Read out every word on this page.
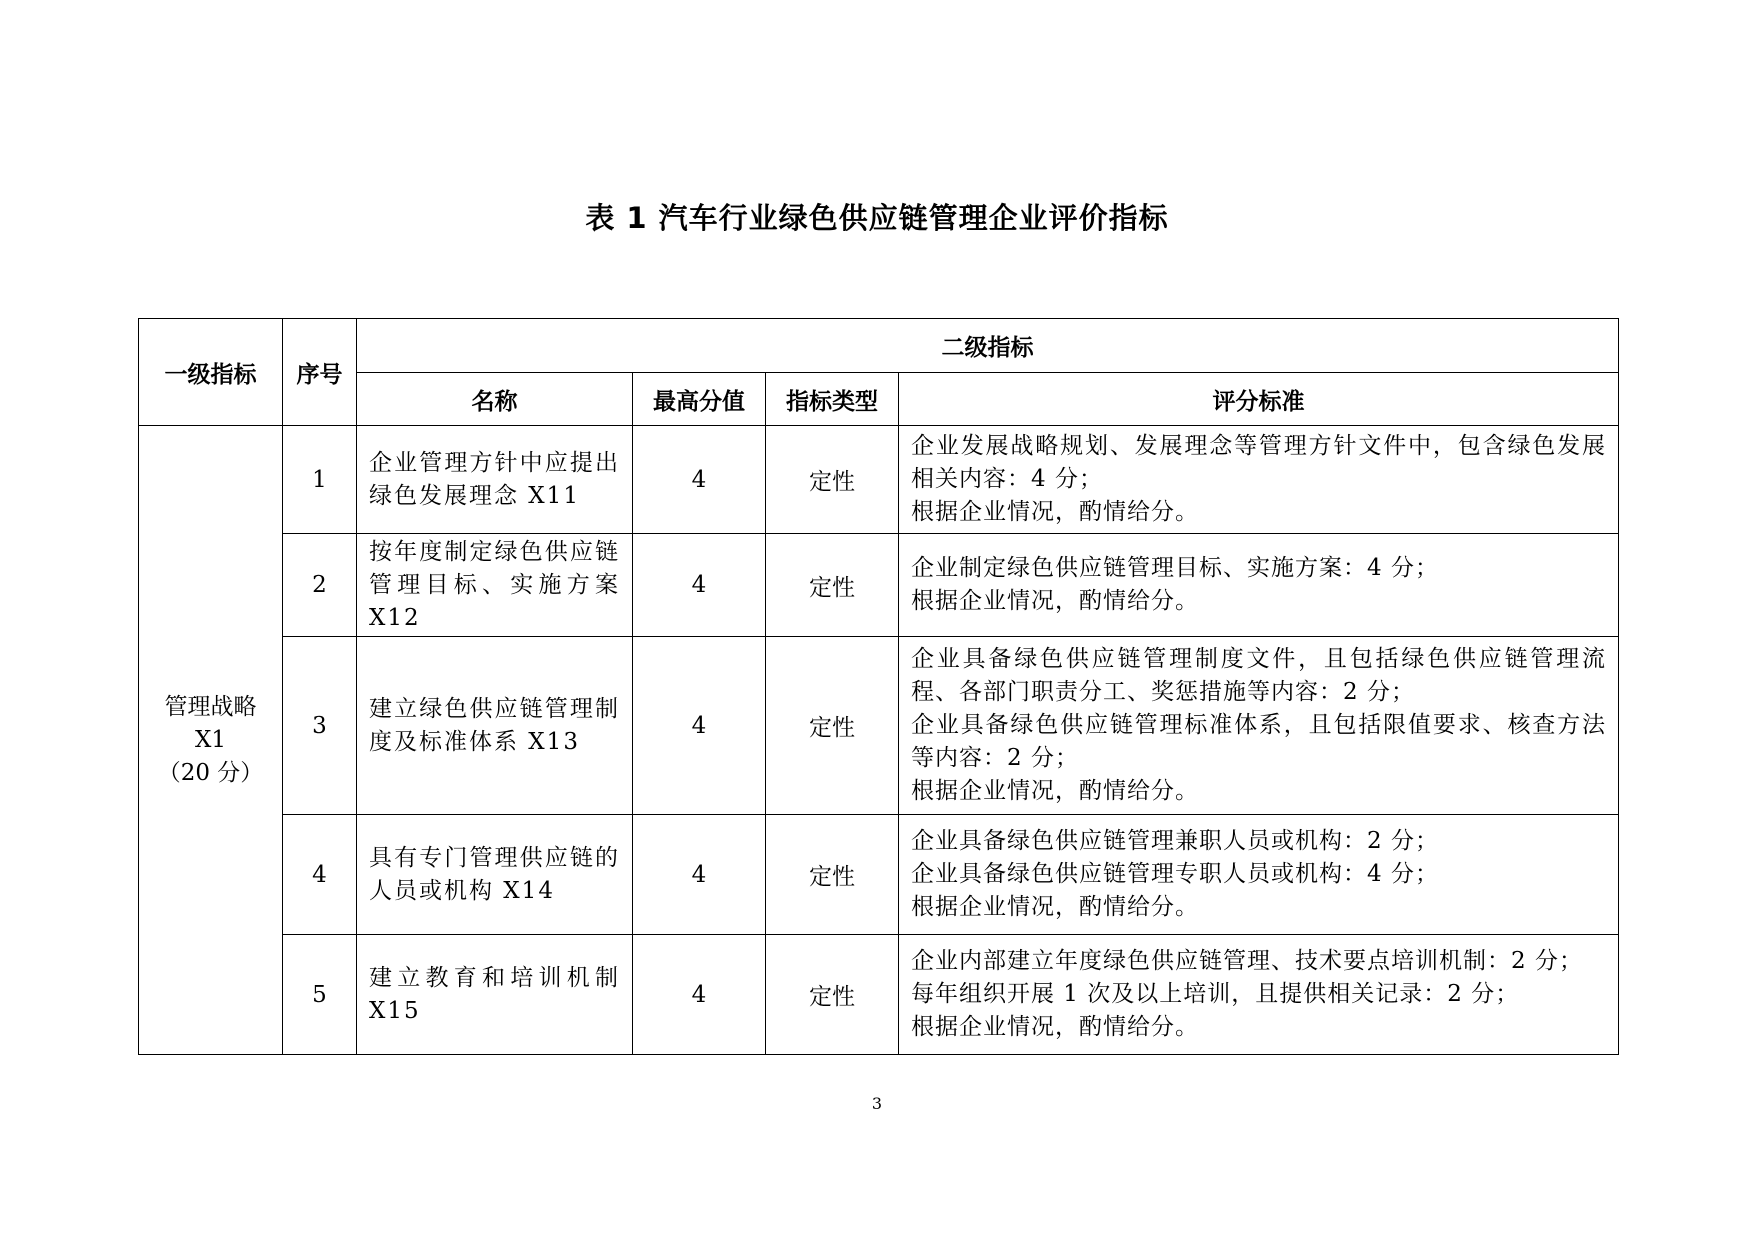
表 1 汽车行业绿色供应链管理企业评价指标
一级指标	序号	二级指标			
		名称	最高分值	指标类型	评分标准

管理战略
X1
（20 分）	1	企业管理方针中应提出绿色发展理念 X11	4	定性	企业发展战略规划、发展理念等管理方针文件中，包含绿色发展相关内容：4 分；
根据企业情况，酌情给分。

	2	按年度制定绿色供应链管理目标、实施方案 X12	4	定性	企业制定绿色供应链管理目标、实施方案：4 分；
根据企业情况，酌情给分。

	3	建立绿色供应链管理制度及标准体系 X13	4	定性	企业具备绿色供应链管理制度文件，且包括绿色供应链管理流程、各部门职责分工、奖惩措施等内容：2 分；
企业具备绿色供应链管理标准体系，且包括限值要求、核查方法等内容：2 分；
根据企业情况，酌情给分。

	4	具有专门管理供应链的人员或机构 X14	4	定性	企业具备绿色供应链管理兼职人员或机构：2 分；
企业具备绿色供应链管理专职人员或机构：4 分；
根据企业情况，酌情给分。

	5	建立教育和培训机制 X15	4	定性	企业内部建立年度绿色供应链管理、技术要点培训机制：2 分；
每年组织开展 1 次及以上培训，且提供相关记录：2 分；
根据企业情况，酌情给分。
3
